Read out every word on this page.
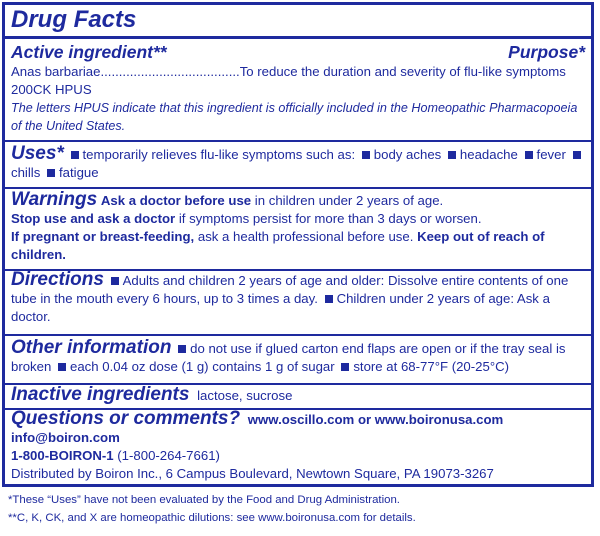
Drug Facts
Active ingredient**	Purpose*
Anas barbariae ...................................... To reduce the duration and severity of flu-like symptoms
200CK HPUS
The letters HPUS indicate that this ingredient is officially included in the Homeopathic Pharmacopoeia of the United States.
Uses* temporarily relieves flu-like symptoms such as: body aches headache fever chills fatigue
Warnings Ask a doctor before use in children under 2 years of age.
Stop use and ask a doctor if symptoms persist for more than 3 days or worsen.
If pregnant or breast-feeding, ask a health professional before use. Keep out of reach of children.
Directions Adults and children 2 years of age and older: Dissolve entire contents of one tube in the mouth every 6 hours, up to 3 times a day. Children under 2 years of age: Ask a doctor.
Other information do not use if glued carton end flaps are open or if the tray seal is broken each 0.04 oz dose (1 g) contains 1 g of sugar store at 68-77°F (20-25°C)
Inactive ingredients lactose, sucrose
Questions or comments? www.oscillo.com or www.boironusa.com
info@boiron.com
1-800-BOIRON-1 (1-800-264-7661)
Distributed by Boiron Inc., 6 Campus Boulevard, Newtown Square, PA 19073-3267
*These “Uses” have not been evaluated by the Food and Drug Administration.
**C, K, CK, and X are homeopathic dilutions: see www.boironusa.com for details.
